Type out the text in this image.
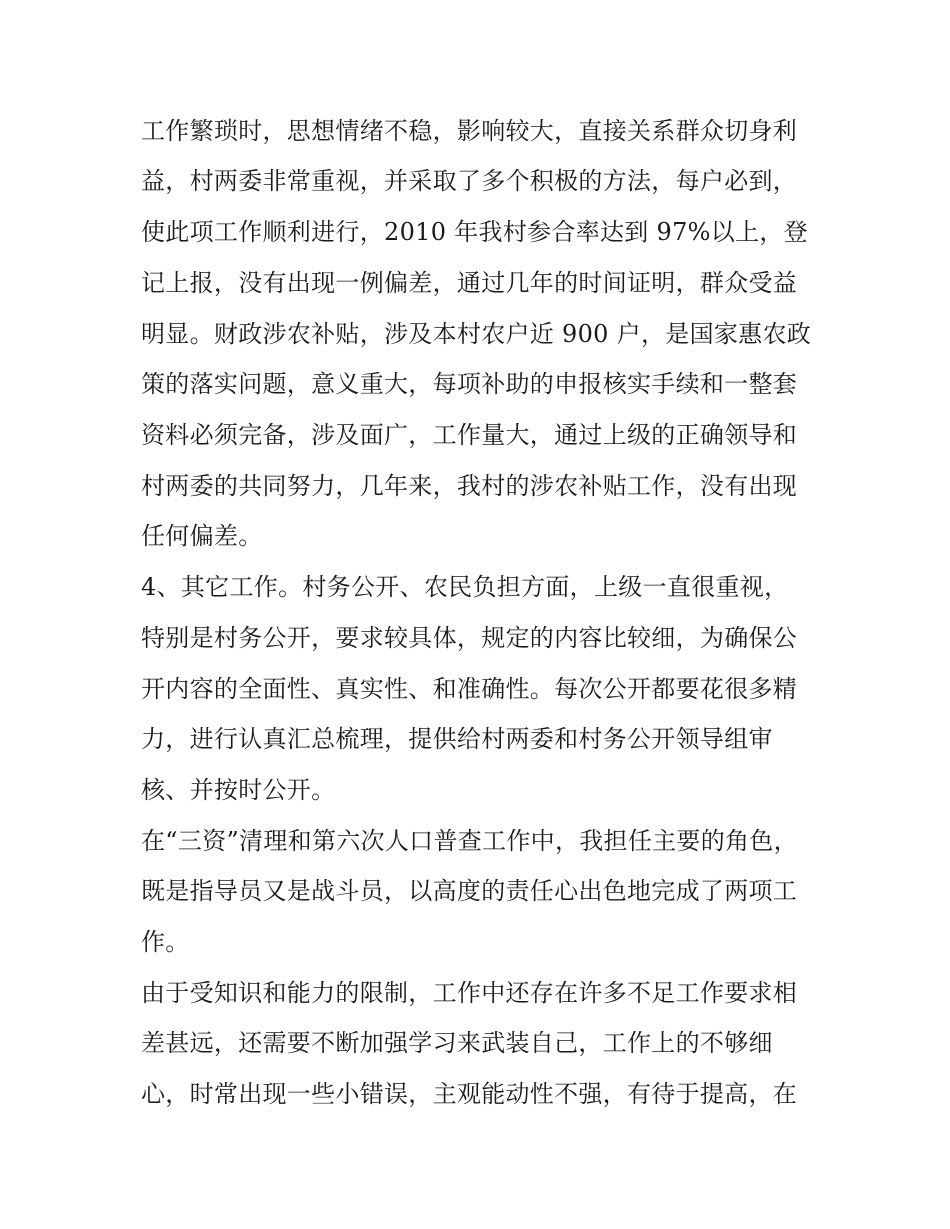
工作繁琐时，思想情绪不稳，影响较大，直接关系群众切身利
益，村两委非常重视，并采取了多个积极的方法，每户必到，
使此项工作顺利进行，2010 年我村参合率达到 97%以上，登
记上报，没有出现一例偏差，通过几年的时间证明，群众受益
明显。财政涉农补贴，涉及本村农户近 900 户，是国家惠农政
策的落实问题，意义重大，每项补助的申报核实手续和一整套
资料必须完备，涉及面广，工作量大，通过上级的正确领导和
村两委的共同努力，几年来，我村的涉农补贴工作，没有出现
任何偏差。
4、其它工作。村务公开、农民负担方面，上级一直很重视，
特别是村务公开，要求较具体，规定的内容比较细，为确保公
开内容的全面性、真实性、和准确性。每次公开都要花很多精
力，进行认真汇总梳理，提供给村两委和村务公开领导组审
核、并按时公开。
在“三资”清理和第六次人口普查工作中，我担任主要的角色，
既是指导员又是战斗员，以高度的责任心出色地完成了两项工
作。
由于受知识和能力的限制，工作中还存在许多不足工作要求相
差甚远，还需要不断加强学习来武装自己，工作上的不够细
心，时常出现一些小错误，主观能动性不强，有待于提高，在
